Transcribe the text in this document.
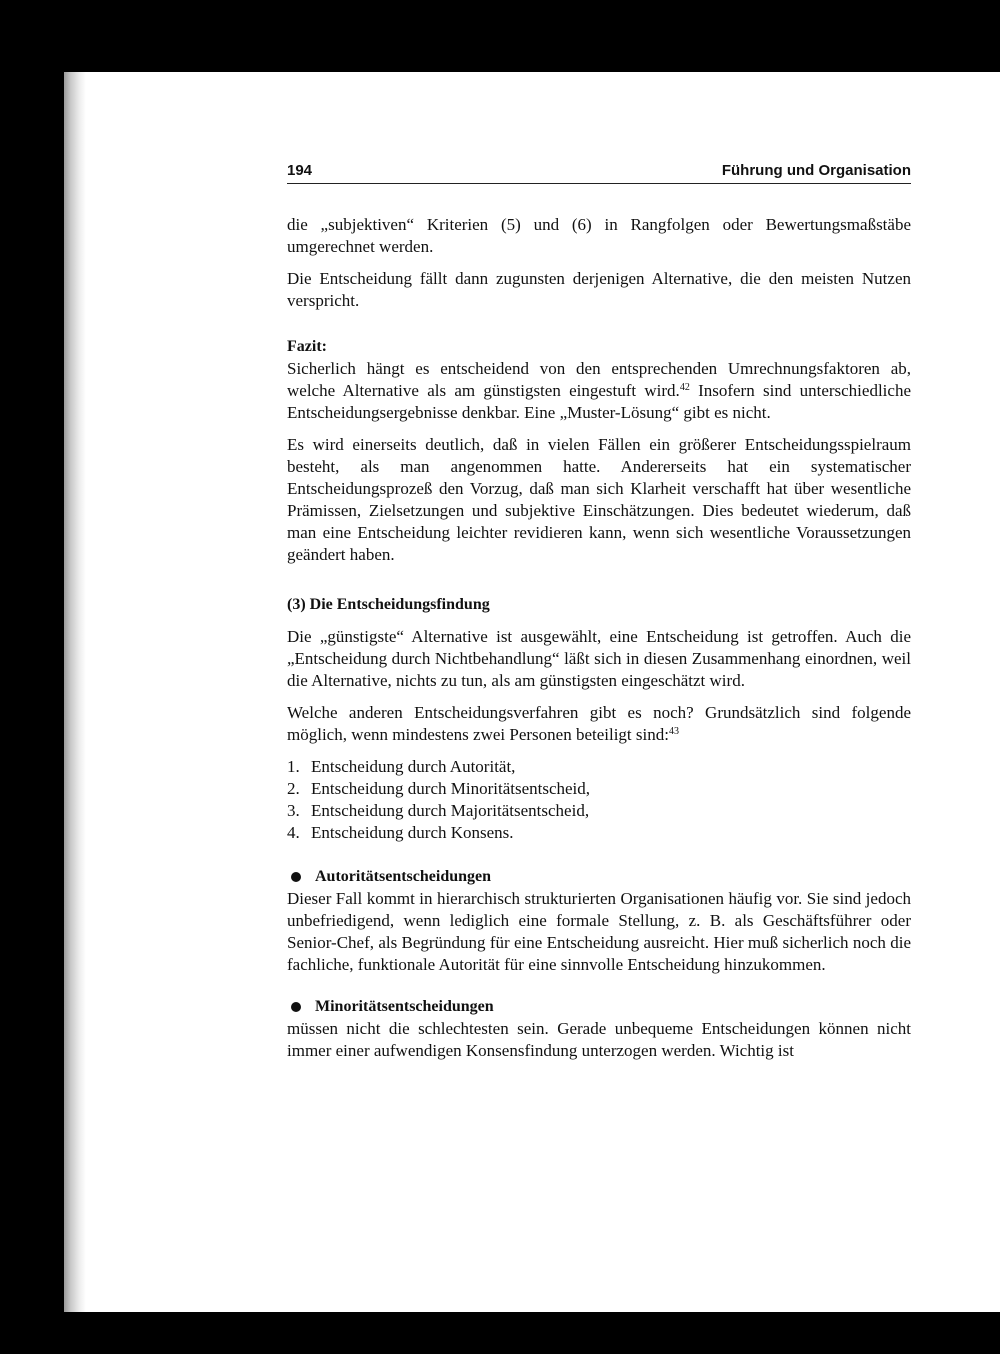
194	Führung und Organisation

die „subjektiven“ Kriterien (5) und (6) in Rangfolgen oder Bewertungsmaßstäbe umgerechnet werden.

Die Entscheidung fällt dann zugunsten derjenigen Alternative, die den meisten Nutzen verspricht.

Fazit:

Sicherlich hängt es entscheidend von den entsprechenden Umrechnungsfaktoren ab, welche Alternative als am günstigsten eingestuft wird.$^{42}$ Insofern sind unterschiedliche Entscheidungsergebnisse denkbar. Eine „Muster-Lösung“ gibt es nicht.

Es wird einerseits deutlich, daß in vielen Fällen ein größerer Entscheidungsspielraum besteht, als man angenommen hatte. Andererseits hat ein systematischer Entscheidungsprozeß den Vorzug, daß man sich Klarheit verschafft hat über wesentliche Prämissen, Zielsetzungen und subjektive Einschätzungen. Dies bedeutet wiederum, daß man eine Entscheidung leichter revidieren kann, wenn sich wesentliche Voraussetzungen geändert haben.

(3) Die Entscheidungsfindung

Die „günstigste“ Alternative ist ausgewählt, eine Entscheidung ist getroffen. Auch die „Entscheidung durch Nichtbehandlung“ läßt sich in diesen Zusammenhang einordnen, weil die Alternative, nichts zu tun, als am günstigsten eingeschätzt wird.

Welche anderen Entscheidungsverfahren gibt es noch? Grundsätzlich sind folgende möglich, wenn mindestens zwei Personen beteiligt sind:$^{43}$

1. Entscheidung durch Autorität,
2. Entscheidung durch Minoritätsentscheid,
3. Entscheidung durch Majoritätsentscheid,
4. Entscheidung durch Konsens.
Autoritätsentscheidungen

Dieser Fall kommt in hierarchisch strukturierten Organisationen häufig vor. Sie sind jedoch unbefriedigend, wenn lediglich eine formale Stellung, z. B. als Geschäftsführer oder Senior-Chef, als Begründung für eine Entscheidung ausreicht. Hier muß sicherlich noch die fachliche, funktionale Autorität für eine sinnvolle Entscheidung hinzukommen.

Minoritätsentscheidungen

müssen nicht die schlechtesten sein. Gerade unbequeme Entscheidungen können nicht immer einer aufwendigen Konsensfindung unterzogen werden. Wichtig ist
